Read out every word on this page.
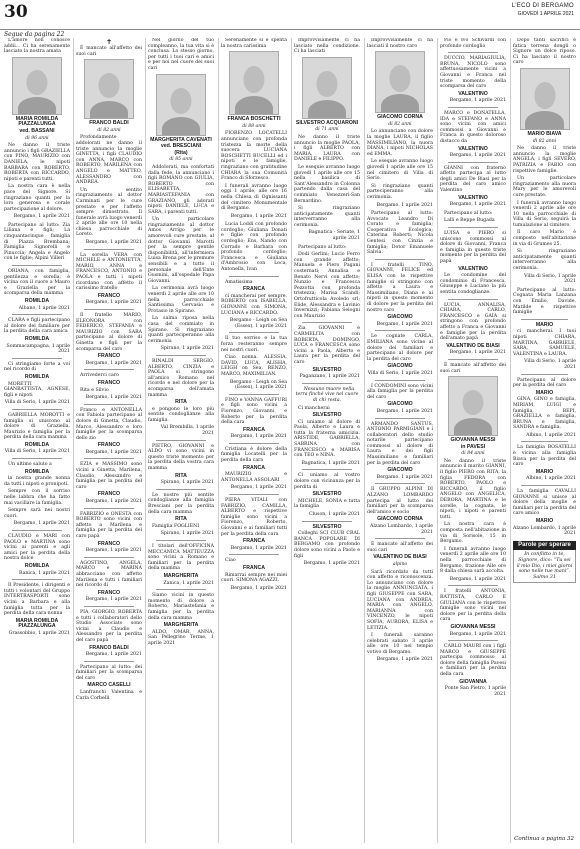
30	L'ECO DI BERGAMO
GIOVEDÌ 1 APRILE 2021
Segue da pagina 22

L'amore non conosce addii... Ci ha serenamente lasciato la nostra amata

MARIA ROMILDA PIAZZALUNGA
ved. BASSANI
di 96 anni

Ne danno il triste annuncio i figli GRAZIELLA con PINO, MAURIZIO con DANIELA, le nipoti BARBARA con ROBERTO, ROBERTA con RICCARDO, nipoti e parenti tutti.

La nostra cara è nella pace del Signore. Si ringraziano quanti per la loro generosa e corale partecipazione al dolore.

Bergamo, 1 aprile 2021

Partecipano al lutto: Zia Liliana e figli; La cinquantacinque famiglia di Piazza Brembana; Famiglia Signorelli e Pinuccia; Angela e Angelo con le figlie; Alpini Villeri

ORIANA, con famiglia, gentilezza e sorella, è vicina con il cuore a Mauro e Graziella per la scomparsa della mamma

ROMILDA
Albano, 1 aprile 2021

CLARA e figli partecipano al dolore del familiare per la perdita della cara amica

ROMILDA
Sommacampagna, 1 aprile 2021

Ci stringiamo forte a voi nel ricordo di

ROMILDA

MORETTI GIANBATTISTA, AGNESE, figli e nipoti

Villa di Serio, 1 aprile 2021

GABRIELLA MOROTTI e famiglia si uniscono al dolore di Graziella, Maurizio e famiglia per la perdita della cara mamma

ROMILDA
Villa di Serio, 1 aprile 2021

Un ultimo saluto a

ROMILDA

la nostra grande nonna da tutti i nipoti e pronipoti.

Sempre con il sorriso nelle labbra che ha fatto mai vacillare la famiglia.

Sempre sarà nei nostri cuori.

Bergamo, 1 aprile 2021

CLAUDIO e MARI con PAOLO e MARTINA sono vicini ai parenti e agli amici per la perdita della nostra dolce

ROMILDA
Ranica, 1 aprile 2021

Il Presidente, i dirigenti e tutti i volontari del Gruppo INTERTRASPORTI sono vicini a Barbara e alla famiglia tutta per la perdita della cara nonna

MARIA ROMILDA PIAZZALUNGA
Grassobbio, 1 aprile 2021
✝

È mancato all'affetto dei suoi cari

FRANCO BALDI
di 82 anni

Profondamente addolorati ne danno il triste annuncio la moglie GINETTA, i figli CLAUDIO con ANNA, MARCO con ROBERTO, MARILENA con ANGELO e MATTEO, ALESSANDRO con ANDREA.

Un sentito ringraziamento al dottor Carminati per le cure prestate e per l'affetto sempre dimostrato. Il funerale avrà luogo venerdì 2 aprile alle ore 10 nella chiesa parrocchiale di Loreto.

Bergamo, 1 aprile 2021

La sorella VERA con MICHELE e ANTONIETTA, MARIO, ANNA e FRANCESCO, ANTONIO e PAOLA e tutti i nipoti ricordano con affetto il carissimo fratello

FRANCO
Bergamo, 1 aprile 2021

Il fratello MARIO, ELEONORA con FEDERICO, STEFANIA e MAURIZIO con SARA partecipano al dolore di Ginetta e figli per la scomparsa del caro

FRANCO
Bergamo, 1 aprile 2021

Arrivederci caro

FRANCO

Rita e Silvio

Bergamo, 1 aprile 2021

Franco e ANTONELLA con Fabiola partecipano al dolore di Ginetta, Claudio, Marco, Alessandro e loro famiglie per la scomparsa dello zio

FRANCO
Bergamo, 1 aprile 2021

EZIA e MASSIMO sono vicini a Ginetta, Marilena, Claudio, Alessandro e famiglia per la perdita del caro

FRANCO
Bergamo, 1 aprile 2021

FABRIZIO e ONESTA con ROBERTO sono vicini con affetto a Marilena e famiglia per la perdita del caro papà

FRANCO
Bergamo, 1 aprile 2021

AGOSTINO, ANGELA, MARCO e MARINA abbracciano con affetto Marilena e tutti i familiari nel ricordo di

FRANCO
Bergamo, 1 aprile 2021

PIA, GIORGIO, ROBERTA e tutti i collaboratori dello Studio Associato sono vicini a Claudio e Alessandro per la perdita del caro papà

FRANCO BALDI
Bergamo, 1 aprile 2021

Partecipano al lutto: dei familiari per la scomparsa del caro

MARCO CASELLI

Lanfranchi Valentina e Carla Corbelli

Nel giorno del tuo compleanno, la tua vita si è conclusa. Lo stesso giorno, per tutti i tuoi cari e amici e per noi nel cuore dei suoi cari

MARGHERITA CAVENATI
ved. BRESCIANI
(Rita)
di 85 anni

Addolorati, ma confortati dalla fede, la annunciano i figli ROMANO con GIULIA, ROBERTO con ELISABETTA, MARIASTEFANIA con GRAZIANO, gli adorati nipoti DANIELE, LUCA e SARA, i parenti tutti.

Un particolare ringraziamento al dottor Amos Arrigo per le amorevoli cure prestate, al dottor Giovanni Marotti per la sempre gentile disponibilità, all'infermiera Luisa Brena per le premure sensibili e a tutto il personale dell'Ente Gusmini, all'ospedale Papa Giovanni.

La cerimonia avrà luogo venerdì 2 aprile alle ore 10 nella parrocchiale Santissima Gervasio e Protasio in Spirano.

La salma riposa nella casa del commiato in Spirano. Si ringraziano quanti parteciperanno alla cerimonia

Spirano, 1 aprile 2021

RINALDI SERGIO, ALBERTO, CINZIA e PAOLA si stringono all'amico Romano nel ricordo e nel dolore per la scomparsa dell'amata mamma

RITA

e pongono le loro più sentite condoglianze alla famiglia.

Val Brembilla, 1 aprile 2021

PIETRO, GIOVANNI e ALDO vi sono vicini in questo triste momento per la perdita della vostra cara mamma

RITA
Spirano, 1 aprile 2021

Le nostre più sentite condoglianze alla famiglia Bresciani per la perdita della cara mamma

RITA

Famiglia FOGLIENI

Spirano, 1 aprile 2021

I titolari dell'OFFICINA MECCANICA MATTEUZZA sono vicini a Romano e familiari per la perdita della mamma

MARGHERITA
Zanica, 1 aprile 2021

Siamo vicini in questo momento di dolore a Roberto, Mariastefania e famiglia per la perdita della cara mamma

MARGHERITA

ALDO, OMAR, ANNA, San Pellegrino Terme, 1 aprile 2021

Serenamente si è spenta la nostra carissima

FRANCA BOSCHETTI
di 88 anni

FIORENZO LOCATELLI annunciano con profonda tristezza la morte della suocera LUCIANA BOSCHETTI BUCELLI ed i nipoti e le famiglie, ringraziano con gratitudine CHIARA la sua Comunità Franco di Sforzesco.

I funerali avranno luogo oggi 1 aprile, alle ore 16 nella Chiesa di Ognissanti del cimitero Monumentale di Bergamo.

Bergamo, 1 aprile 2021

Lucia Loddi con profondo cordoglio; Giuliana Donati e figlie con profondo cordoglio; Ens, Nando con Corrado e Barbara con profondo cordoglio; Francesca e Giuliana d'Ambrosio con Loca, Antonella, Ivan

Amatissima

FRANCA

ci mancherai per sempre. ROBERTO con ISABELLA, GIOVANNI con SIMONA, LUCIANA e RICCARDO.

Bergamo - Leigh on Sea (Essex), 1 aprile 2021

Il tuo sorriso e la tua forza resteranno sempre nei nostri cuori.

Ciao nonna. ALESSIA, DAVID, LUCA, ALISHA, LEIGH on Sea, RENZO, MARCO, MAXIMILIAN.

Bergamo - Leigh on Sea (Essex), 1 aprile 2021

FINO e VANNA GAFFURI e figli sono vicini a Fiorenzo, Giovanni e Roberto per la perdita della cara

FRANCA
Bergamo, 1 aprile 2021

Cristiana è dolore della famiglia Locatelli per la perdita della cara

FRANCA

MAURIZIO e ANTONELLA ASSOLARI

Bergamo, 1 aprile 2021

PIERA VITALI con FABRIZIO, CAMILLA, ALBERTO e rispettive famiglie sono vicini a Fiorenzo, Roberto, Giovanni e ai familiari tutti per la perdita della cara

FRANCA
Bergamo, 1 aprile 2021

Ciao

FRANCA

Rimarrai sempre nei miei cuori. SIMONA AGAZZI.

Bergamo, 1 aprile 2021

Improvvisamente ci ha lasciato nella condizione. Ci ha lasciati

SILVESTRO ACQUARONI
di 71 anni

Ne danno il triste annuncio la moglie PAOLA, i figli ALBERTO con MARIA, LAURA con DANIELE e FILIPPO.

Le esequie avranno luogo giovedì 1 aprile alle ore 15 nella basilica di Sant'Alessandro in Colonna partendo dalla casa del commiato Venezzeri-San Bernardino.

Si ringraziano anticipatamente quanti interverranno alla cerimonia.

Bagnatica - Seriate, 1 aprile 2021

Partecipano al lutto:

Dodi Gerlini; Lucio Ferro con grande affetto; Manuela e Piero Pagani costernati; Annalisa e Renato Nervi con affetto; Nunzio e Francesca Pezzotta con profonda tristezza; Marisa Scandi; Ortofrutticola Avoledo srl; Elide, Alessandra e Lavinio Invernizzi; Fabiana Selogni con Maurizio

Zia GIOVANNI e CARMELITA con ROBERTA, DOMINGO, LUCA e FRANCESCA sono vicini a Paola, Alberto e Laura per la perdita del caro

SILVESTRO
Paganzano, 1 aprile 2021

Nessuno muore nella terra finché vive nel cuore di chi resta.

Ci mancherai

SILVESTRO

Ci uniamo al dolore di Paola, Alberto e Laura e tutta la fraterna amicizia. ARISTIDE, GABRIELLA, SABRINA con FRANCESCO e MARISA con TEO e NINA.

Bagnatica, 1 aprile 2021

Ci uniamo al vostro dolore con vicinanza per la perdita di

SILVESTRO

MICHELE, SONIA e tutta la famiglia

Cluson, 1 aprile 2021
SILVESTRO

Colleghi SCI CLUB CRAL BANCA POPOLARE DI BERGAMO con profondo dolore sono vicini a Paolo e figli

Bergamo, 1 aprile 2021

Improvvisamente ci ha lasciati il nostro caro

GIACOMO CORNA
di 82 anni

Lo annunciano con dolore la moglie LAURA, il figlio MASSIMILIANO, la nuora DIANA, i nipoti NICHOLAS ed EMMA.

Le esequie avranno luogo giovedì 1 aprile alle ore 15 nel cimitero di Villa di Serio.

Si ringraziano quanti parteciperanno alla cerimonia.

Bergamo, 1 aprile 2021

Partecipano al lutto: Avvocato Leandro Di Corato e famiglia; Cooperativa Ecologica; Caterina Roberti; Nicola Gentesi con Cinzia e famiglia; Dotor Emanuele Salvia.

I fratelli TINO, GIOVANNI, FELICE ed ELISA con le rispettive famiglie si stringono con affetto a Laura e Massimiliano, Diana e ai nipoti in questo momento di dolore per la perdita del nostro caro

GIACOMO
Bergamo, 1 aprile 2021

Le cognate CARLA, EMILIANA sono vicine al dolore dei familiari e partecipano al dolore per la perdita del caro

GIACOMO
Villa di Serio, 1 aprile 2021

I CONDOMINI sono vicini alla famiglia per la perdita del caro

GIACOMO
Bergamo, 1 aprile 2021

ARMANDO SANTUS, ANTONIO PARMIGIANI e i collaboratori dello studio notarile partecipano commossi al dolore di Laura e dei figli Massimiliano e familiari per la perdita del caro

GIACOMO
Bergamo, 1 aprile 2021

Il GRUPPO ALPINI DI ALZANO LOMBARDO partecipa al lutto dei familiari per la scomparsa dell'amico e socio

GIACOMO CORNA
Alzano Lombardo, 1 aprile 2021

È mancato all'affetto dei suoi cari

VALENTINO DE BIASI
alpino

Sarà ricordato da tutti con affetto e riconoscenza. Lo annunciano con dolore la moglie ANNUNCIATA, i figli GIUSEPPE con SARA, LUCIANA con ANDREA, MARIA con ANGELO, MARIANNA con VINCENZO, le nipoti SOFIA, AURORA, ELISA e LETIZIA.

I funerali saranno celebrati sabato 3 aprile alle ore 10 nel tempio votivo di Bergamo.

Bergamo, 1 aprile 2021

Pio e Ivo Schivardi con profondo cordoglio

DUCCIO, MARIAGIULIA, BRUNA, NICOLO sono affettuosamente vicini a Giovanni e Franca nel triste momento della scomparsa del caro

VALENTINO
Bergamo, 1 aprile 2021

MARCO e DONATELLA, IDA e STEFANO e ANNA sono vicini con amici commossi a Giovanni e Franca in questo doloroso distacco da

VALENTINO
Bergamo, 1 aprile 2021

GIANNI con fraterno affetto partecipa al lutto degli amici De Biasi per la perdita del caro amico Valentino

VALENTINO
Bergamo, 1 aprile 2021

Partecipano al lutto:

Lalli e Beppe Bugada

LUISA e PIERO si uniscono commossi al dolore di Giovanni, Franca e famiglia in questo triste momento per la perdita del papà

VALENTINO

Le condomine del condominio di Francesca, Giuseppe e Luciano la più sentita condoglianze.

LUCIA, ANNALISA, CHIARA, CARLO, FRANCESCO e GAIA si stringono con profondo affetto a Franca e Giovanni e famiglie per la perdita dell'amato papà

VALENTINO DE BIASI
Bergamo, 1 aprile 2021

È mancato all'affetto dei suoi cari

GIOVANNA MESSI
in PAVESI
di 84 anni

Ne danno il triste annuncio il marito GIANNI, il figlio PIERO con RITA, la figlia FEDORA con ROBERTO, PAOLO e RICCARDO, il figlio ANGELO con ANGELICA, DEBORA, MARTINA e le sorelle, la cognata, le nipoti, i nipoti e parenti tutti.

La nostra cara è composta nell'abitazione in via di Sorisole, 15 in Bergamo.

I funerali avranno luogo venerdì 2 aprile alle ore 10 nella parrocchiale di Bergamo, frazione Alle ore 8 dalla chiesa sarà accolta.

Bergamo, 1 aprile 2021

I fratelli ANTONIA, BATTISTA, CARLO E GIULIANA con le rispettive famiglie sono vicini nel dolore per la perdita della cara

GIOVANNA MESSI
Bergamo, 1 aprile 2021

CARLO MAURI con i figli MARCO e GIUSEPPE partecipa commosso al dolore della famiglia Pavesi e familiari per la perdita della cara

GIOVANNA
Ponte San Pietro, 1 aprile 2021

Dopo tanti sacrifici e fatica terrena dongli o Signore un dolce riposo. Ci ha lasciato il nostro caro

MARIO BIAVA
di 82 anni

Ne danno il triste annuncio la moglie ANGELA, i figli SEVERO, PATRIZIA e FABIO con rispettive famiglie.

Un particolare ringraziamento alla nuora Mary per le amorevoli cure prestate.

I funerali avranno luogo venerdì 2 aprile alle ore 10 nella parrocchiale di Villa di Serio, seguirà la tumulazione al cimitero.

Il caro Mario è composto nell'abitazione in via di Grumes 25.

Si ringraziano anticipatamente quanti interverranno alla cerimonia.

Villa di Serio, 1 aprile 2021

Partecipano al lutto: Cognata Maria Lanzana con Emilio, Davide, Matilde e rispettive famiglie

MARIO

ci mancherai. I tuoi nipoti CHIARA, MARTINA, GABRIELE, SARA, SAMUELE, VALENTINA e LAURA.

Villa di Serio, 1 aprile 2021

Partecipano al dolore per la perdita del caro

MARIO

GINA, GINO e famiglia, MIRIAM, LUIGI e famiglia, BEPI, GRAZIELLA e famiglia, BRUNA e famiglia, SANDRA e famiglia.

Albino, 1 aprile 2021

La famiglia BOSATELLI è vicina alla famiglia Biava per la perdita del caro

MARIO
Albino, 1 aprile 2021

La famiglia CAVALLI GIOVANNI si unisce al dolore della moglie e familiari per la perdita del caro amico

MARIO
Alzano Lombardo, 1 aprile 2021
Parole per sperare
In conflitto in te, Signore, dico: “Tu sei il mio Dio, i miei giorni sono nelle tue mani”.
Salmo 31
Continua a pagina 32
